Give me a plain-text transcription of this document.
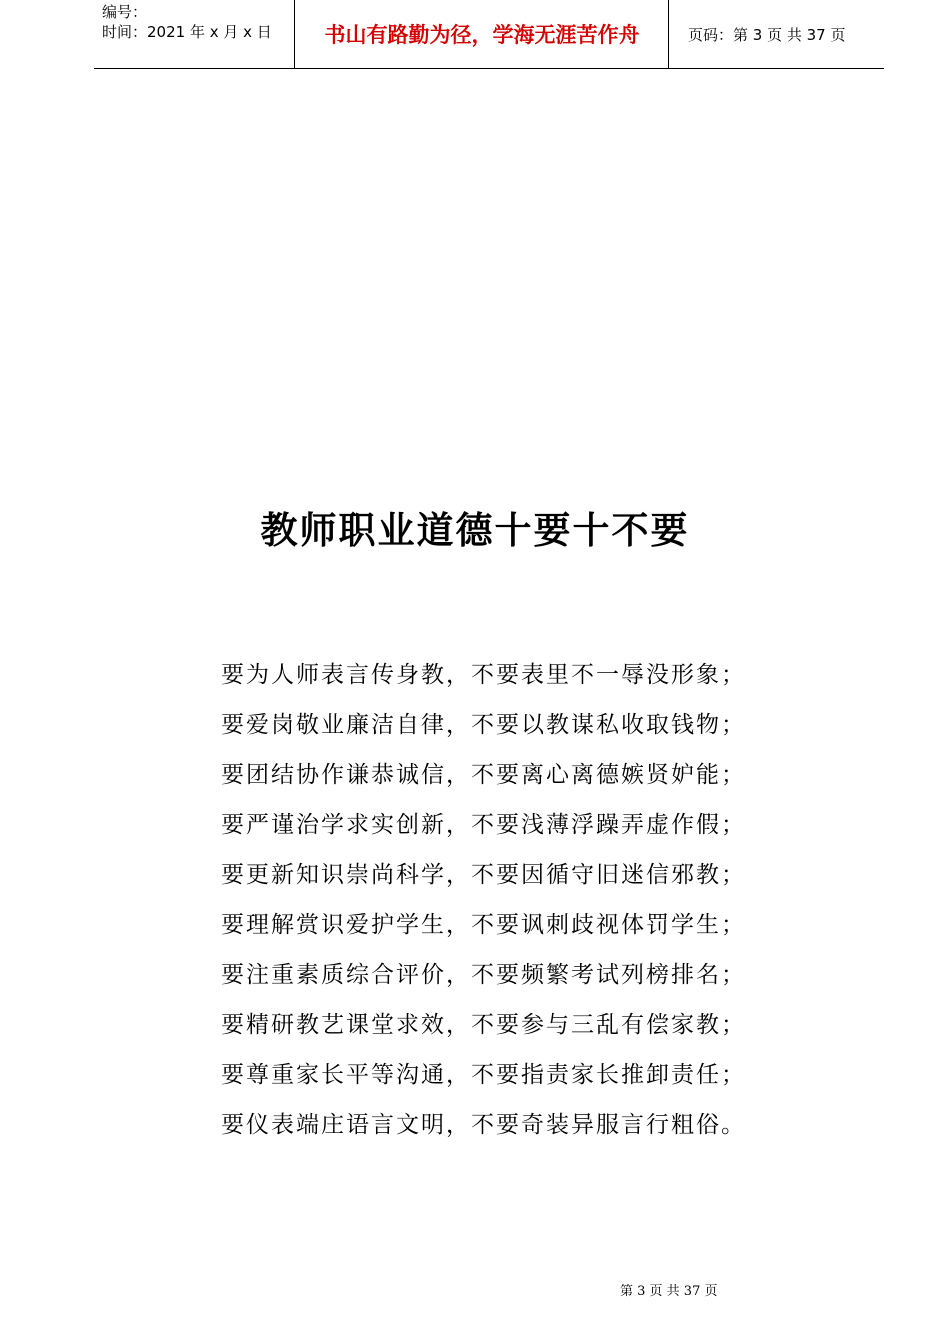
编号：
时间：2021 年 x 月 x 日	书山有路勤为径，学海无涯苦作舟	页码：第 3 页 共 37 页
教师职业道德十要十不要
要为人师表言传身教，不要表里不一辱没形象；
要爱岗敬业廉洁自律，不要以教谋私收取钱物；
要团结协作谦恭诚信，不要离心离德嫉贤妒能；
要严谨治学求实创新，不要浅薄浮躁弄虚作假；
要更新知识崇尚科学，不要因循守旧迷信邪教；
要理解赏识爱护学生，不要讽刺歧视体罚学生；
要注重素质综合评价，不要频繁考试列榜排名；
要精研教艺课堂求效，不要参与三乱有偿家教；
要尊重家长平等沟通，不要指责家长推卸责任；
要仪表端庄语言文明，不要奇装异服言行粗俗。
第 3 页 共 37 页
